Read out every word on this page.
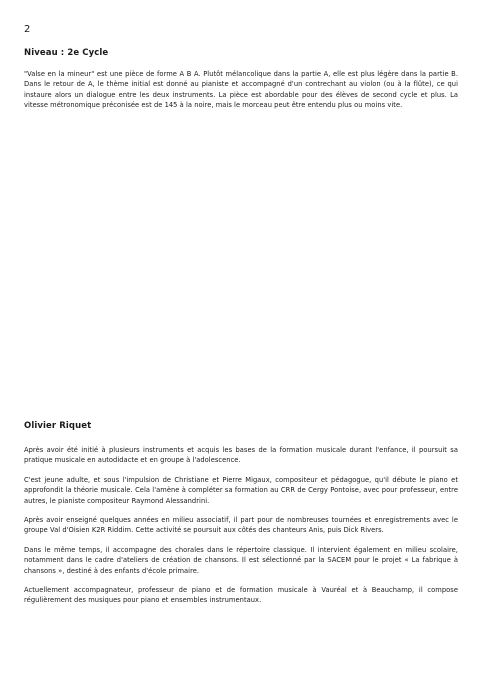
2
Niveau : 2e Cycle

"Valse en la mineur" est une pièce de forme A B A. Plutôt mélancolique dans la partie A, elle est plus légère dans la partie B. Dans le retour de A, le thème initial est donné au pianiste et accompagné d'un contrechant au violon (ou à la flûte), ce qui instaure alors un dialogue entre les deux instruments. La pièce est abordable pour des élèves de second cycle et plus. La vitesse métronomique préconisée est de 145 à la noire, mais le morceau peut être entendu plus ou moins vite.

Olivier Riquet

Après avoir été initié à plusieurs instruments et acquis les bases de la formation musicale durant l'enfance, il poursuit sa pratique musicale en autodidacte et en groupe à l'adolescence.

C'est jeune adulte, et sous l'impulsion de Christiane et Pierre Migaux, compositeur et pédagogue, qu'il débute le piano et approfondit la théorie musicale. Cela l'amène à compléter sa formation au CRR de Cergy Pontoise, avec pour professeur, entre autres, le pianiste compositeur Raymond Alessandrini.

Après avoir enseigné quelques années en milieu associatif, il part pour de nombreuses tournées et enregistrements avec le groupe Val d'Oisien K2R Riddim. Cette activité se poursuit aux côtés des chanteurs Anis, puis Dick Rivers.

Dans le même temps, il accompagne des chorales dans le répertoire classique. Il intervient également en milieu scolaire, notamment dans le cadre d'ateliers de création de chansons. Il est sélectionné par la SACEM pour le projet « La fabrique à chansons », destiné à des enfants d'école primaire.

Actuellement accompagnateur, professeur de piano et de formation musicale à Vauréal et à Beauchamp, il compose régulièrement des musiques pour piano et ensembles instrumentaux.
